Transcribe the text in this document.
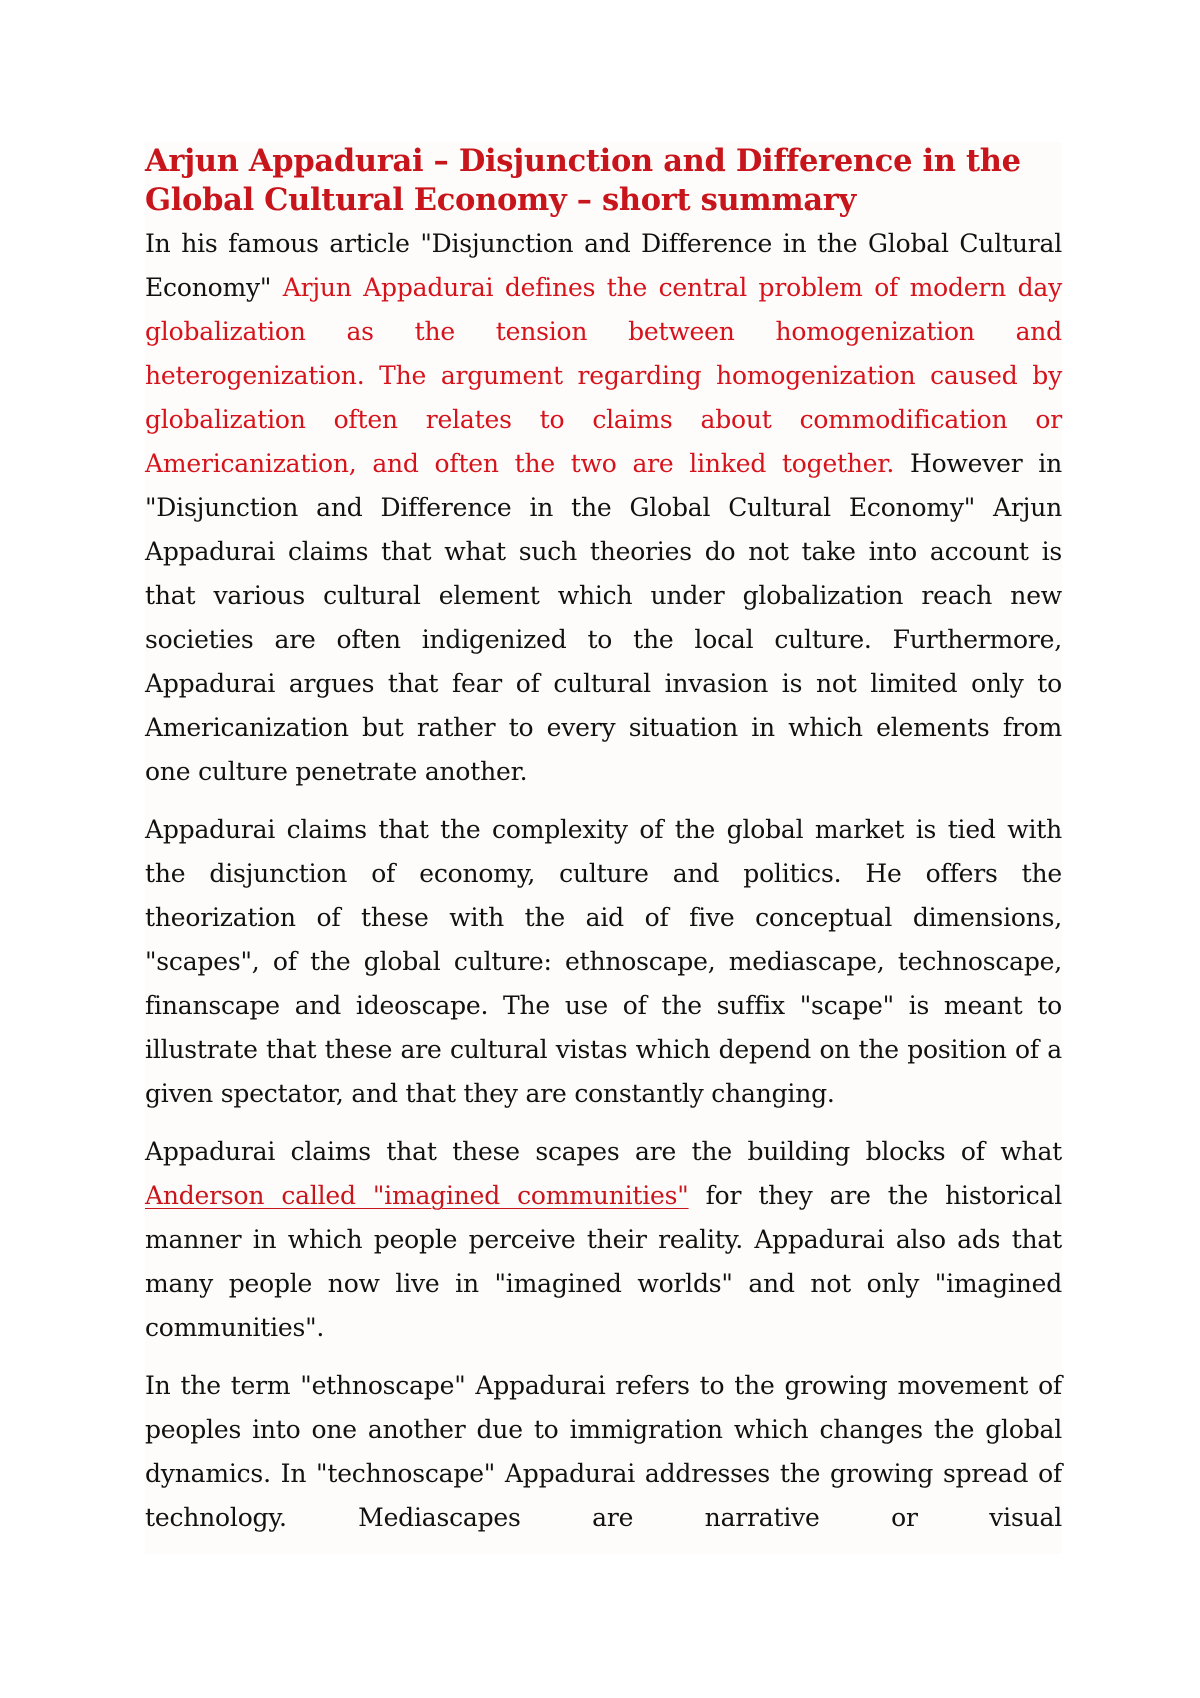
Arjun Appadurai – Disjunction and Difference in the Global Cultural Economy – short summary

In his famous article "Disjunction and Difference in the Global Cultural Economy" Arjun Appadurai defines the central problem of modern day globalization as the tension between homogenization and heterogenization. The argument regarding homogenization caused by globalization often relates to claims about commodification or Americanization, and often the two are linked together. However in "Disjunction and Difference in the Global Cultural Economy" Arjun Appadurai claims that what such theories do not take into account is that various cultural element which under globalization reach new societies are often indigenized to the local culture. Furthermore, Appadurai argues that fear of cultural invasion is not limited only to Americanization but rather to every situation in which elements from one culture penetrate another.

Appadurai claims that the complexity of the global market is tied with the disjunction of economy, culture and politics. He offers the theorization of these with the aid of five conceptual dimensions, "scapes", of the global culture: ethnoscape, mediascape, technoscape, finanscape and ideoscape. The use of the suffix "scape" is meant to illustrate that these are cultural vistas which depend on the position of a given spectator, and that they are constantly changing.

Appadurai claims that these scapes are the building blocks of what Anderson called "imagined communities" for they are the historical manner in which people perceive their reality. Appadurai also ads that many people now live in "imagined worlds" and not only "imagined communities".

In the term "ethnoscape" Appadurai refers to the growing movement of peoples into one another due to immigration which changes the global dynamics. In "technoscape" Appadurai addresses the growing spread of technology. Mediascapes are narrative or visual
